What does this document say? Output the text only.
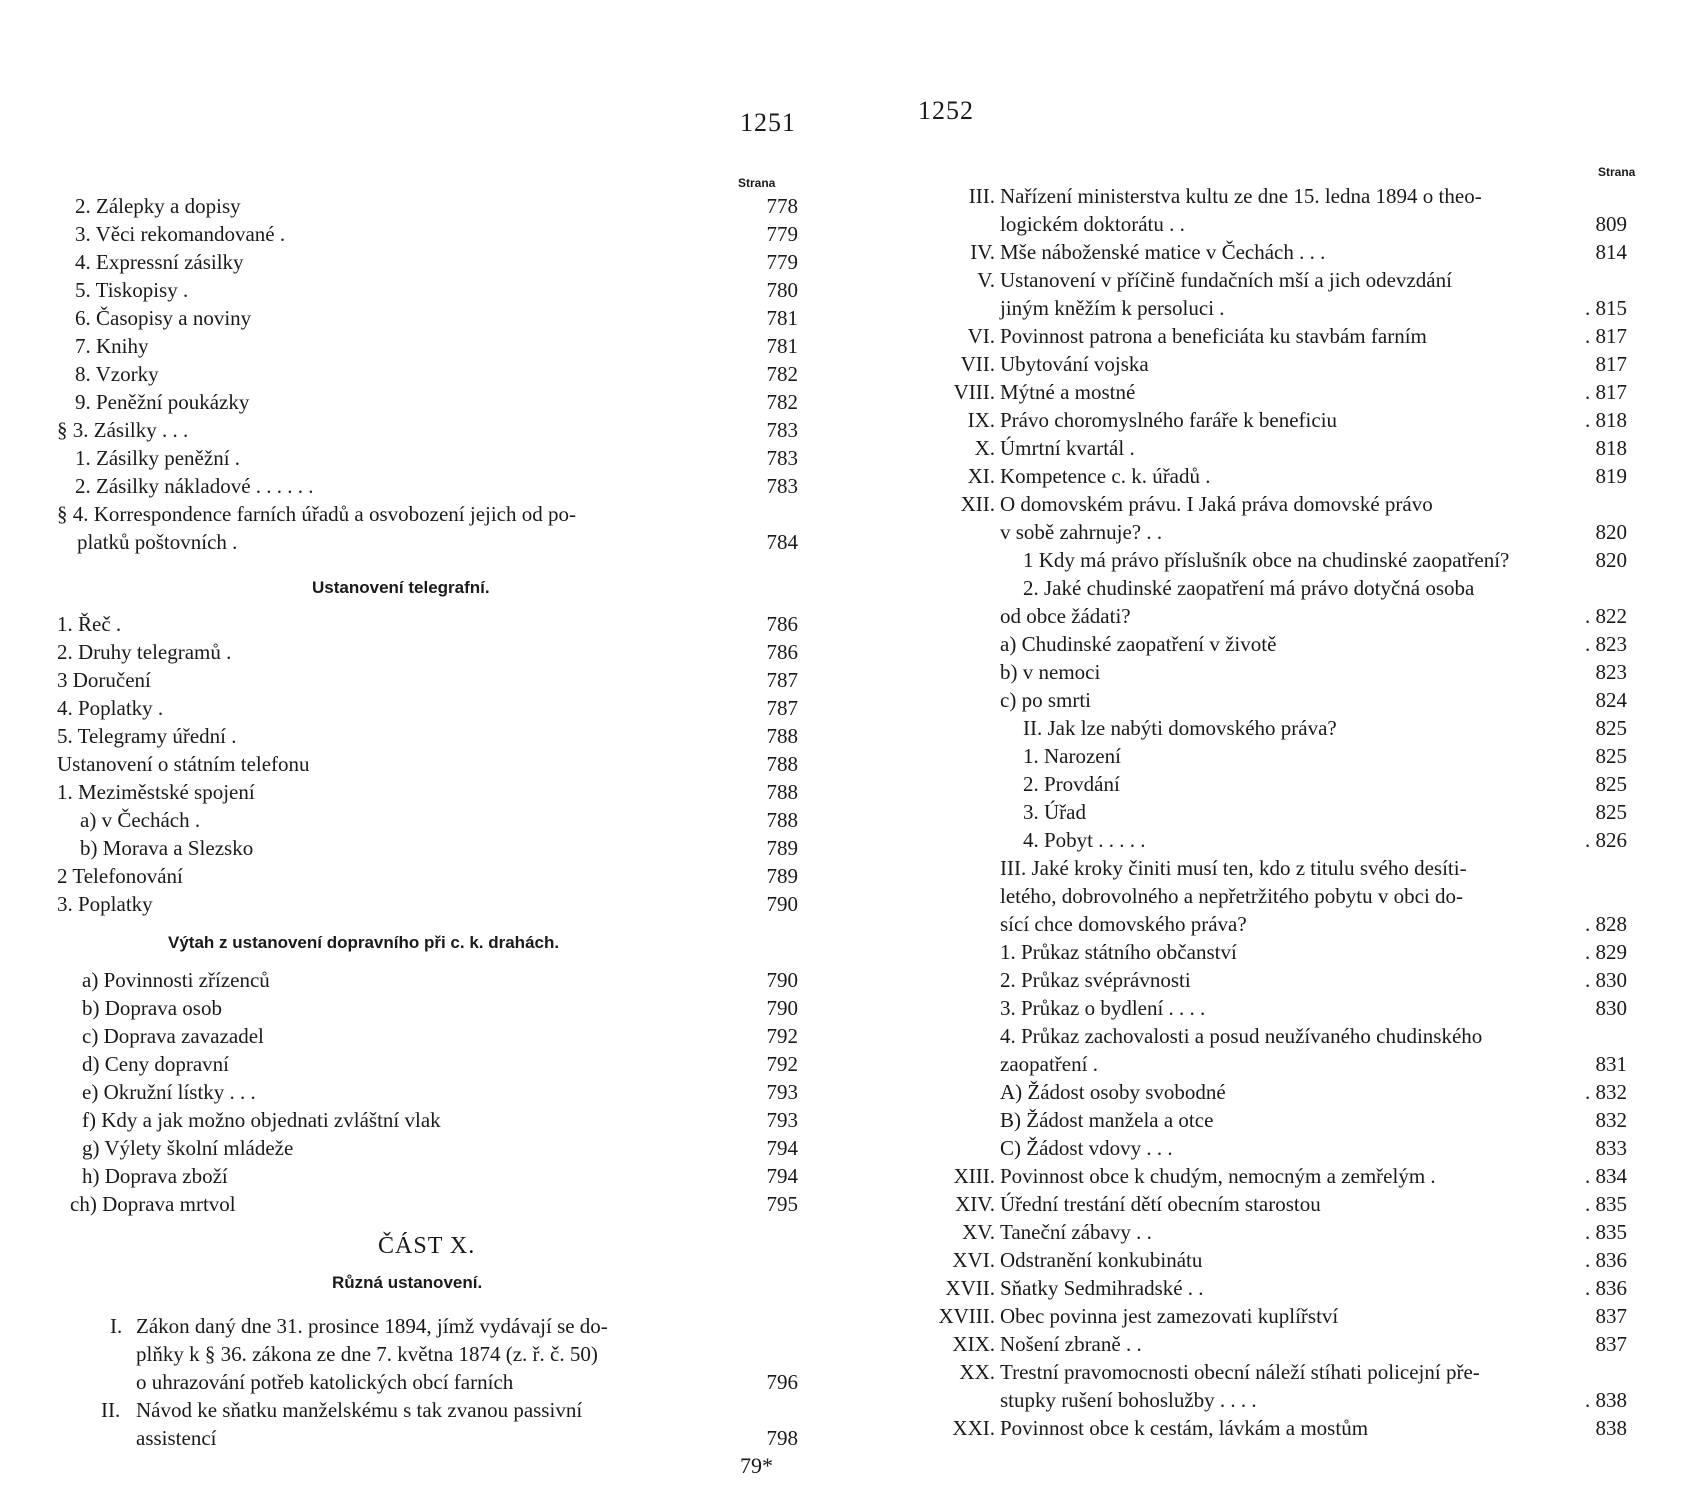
1251
Strana
2. Zálepky a dopisy	778
3. Věci rekomandované .	779
4. Expressní zásilky	779
5. Tiskopisy .	780
6. Časopisy a noviny	781
7. Knihy	781
8. Vzorky	782
9. Peněžní poukázky	782
§ 3. Zásilky . . .	783
1. Zásilky peněžní .	783
2. Zásilky nákladové . . . . . .	783
§ 4. Korrespondence farních úřadů a osvobození jejich od po-
platků poštovních .	784
Ustanovení telegrafní.
1. Řeč .	786
2. Druhy telegramů .	786
3 Doručení	787
4. Poplatky .	787
5. Telegramy úřední .	788
Ustanovení o státním telefonu	788
1. Meziměstské spojení	788
a) v Čechách .	788
b) Morava a Slezsko	789
2 Telefonování	789
3. Poplatky	790
Výtah z ustanovení dopravního při c. k. drahách.
a) Povinnosti zřízenců	790
b) Doprava osob	790
c) Doprava zavazadel	792
d) Ceny dopravní	792
e) Okružní lístky . . .	793
f) Kdy a jak možno objednati zvláštní vlak	793
g) Výlety školní mládeže	794
h) Doprava zboží	794
ch) Doprava mrtvol	795
ČÁST X.
Různá ustanovení.
I. Zákon daný dne 31. prosince 1894, jímž vydávají se do-
plňky k § 36. zákona ze dne 7. května 1874 (z. ř. č. 50)
o uhrazování potřeb katolických obcí farních	796
II. Návod ke sňatku manželskému s tak zvanou passivní
assistencí	798
79*
1252
Strana
III. Nařízení ministerstva kultu ze dne 15. ledna 1894 o theo-
logickém doktorátu . .	809
IV. Mše náboženské matice v Čechách . . .	814
V. Ustanovení v příčině fundačních mší a jich odevzdání
jiným kněžím k persoluci .	. 815
VI. Povinnost patrona a beneficiáta ku stavbám farním	. 817
VII. Ubytování vojska	817
VIII. Mýtné a mostné	. 817
IX. Právo choromyslného faráře k beneficiu	. 818
X. Úmrtní kvartál .	818
XI. Kompetence c. k. úřadů .	819
XII. O domovském právu. I Jaká práva domovské právo
v sobě zahrnuje? . .	820
1 Kdy má právo příslušník obce na chudinské zaopatření?	820
2. Jaké chudinské zaopatření má právo dotyčná osoba
od obce žádati?	. 822
a) Chudinské zaopatření v životě	. 823
b) v nemoci	823
c) po smrti	824
II. Jak lze nabýti domovského práva?	825
1. Narození	825
2. Provdání	825
3. Úřad	825
4. Pobyt . . . . .	. 826
III. Jaké kroky činiti musí ten, kdo z titulu svého desíti-
letého, dobrovolného a nepřetržitého pobytu v obci do-
sící chce domovského práva?	. 828
1. Průkaz státního občanství	. 829
2. Průkaz svéprávnosti	. 830
3. Průkaz o bydlení . . . .	830
4. Průkaz zachovalosti a posud neužívaného chudinského
zaopatření .	831
A) Žádost osoby svobodné	. 832
B) Žádost manžela a otce	832
C) Žádost vdovy . . .	833
XIII. Povinnost obce k chudým, nemocným a zemřelým .	. 834
XIV. Úřední trestání dětí obecním starostou	. 835
XV. Taneční zábavy . .	. 835
XVI. Odstranění konkubinátu	. 836
XVII. Sňatky Sedmihradské . .	. 836
XVIII. Obec povinna jest zamezovati kuplířství	837
XIX. Nošení zbraně . .	837
XX. Trestní pravomocnosti obecní náleží stíhati policejní pře-
stupky rušení bohoslužby . . . .	. 838
XXI. Povinnost obce k cestám, lávkám a mostům	838
